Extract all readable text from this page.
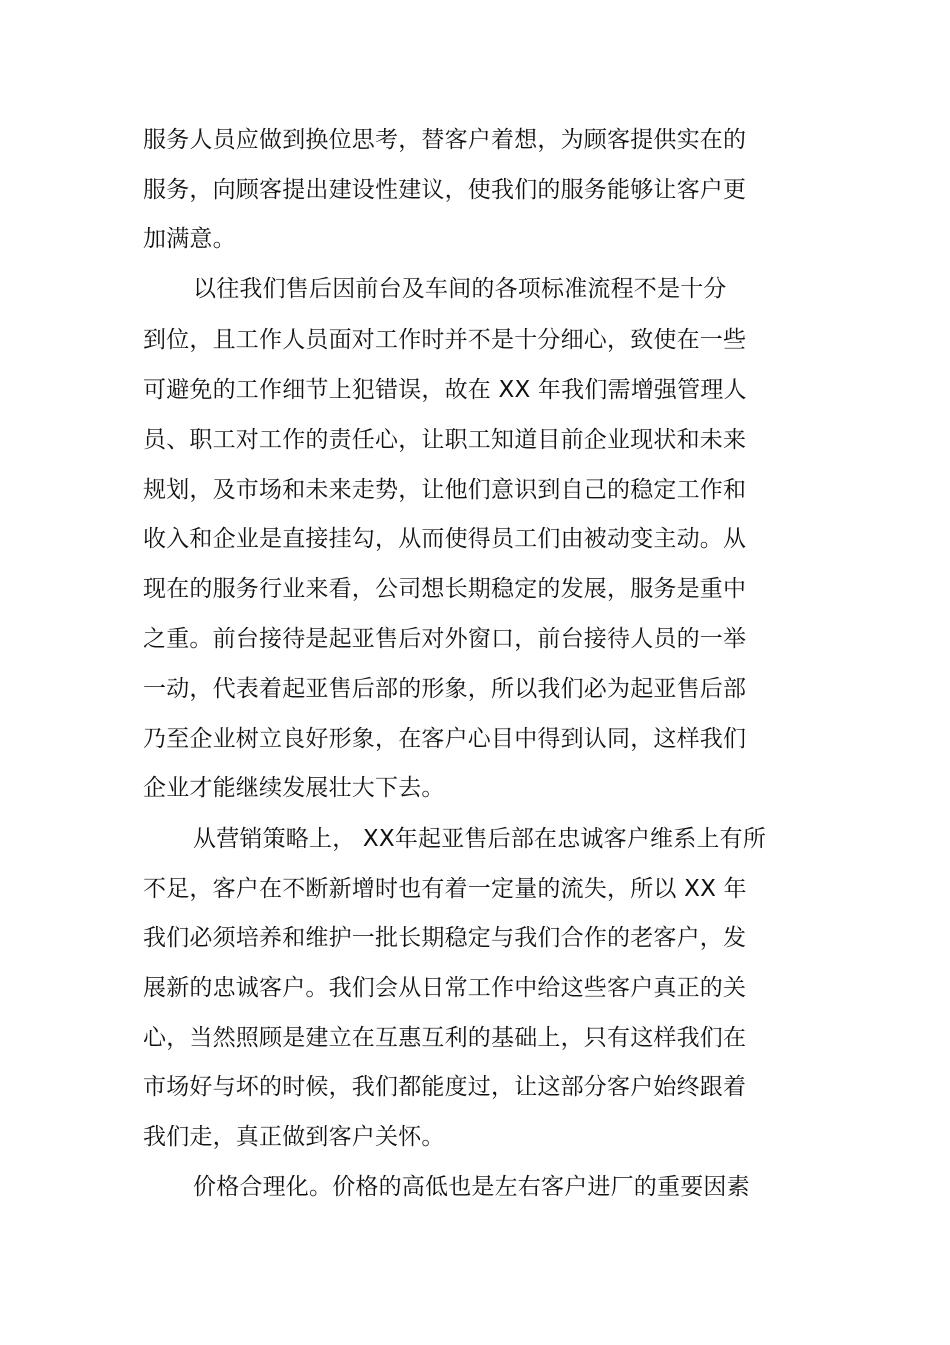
服务人员应做到换位思考，替客户着想，为顾客提供实在的
服务，向顾客提出建设性建议，使我们的服务能够让客户更
加满意。
以往我们售后因前台及车间的各项标准流程不是十分
到位，且工作人员面对工作时并不是十分细心，致使在一些
可避免的工作细节上犯错误，故在 XX 年我们需增强管理人
员、职工对工作的责任心，让职工知道目前企业现状和未来
规划，及市场和未来走势，让他们意识到自己的稳定工作和
收入和企业是直接挂勾，从而使得员工们由被动变主动。从
现在的服务行业来看，公司想长期稳定的发展，服务是重中
之重。前台接待是起亚售后对外窗口，前台接待人员的一举
一动，代表着起亚售后部的形象，所以我们必为起亚售后部
乃至企业树立良好形象，在客户心目中得到认同，这样我们
企业才能继续发展壮大下去。
从营销策略上， XX年起亚售后部在忠诚客户维系上有所
不足，客户在不断新增时也有着一定量的流失，所以 XX 年
我们必须培养和维护一批长期稳定与我们合作的老客户，发
展新的忠诚客户。我们会从日常工作中给这些客户真正的关
心，当然照顾是建立在互惠互利的基础上，只有这样我们在
市场好与坏的时候，我们都能度过，让这部分客户始终跟着
我们走，真正做到客户关怀。
价格合理化。价格的高低也是左右客户进厂的重要因素
